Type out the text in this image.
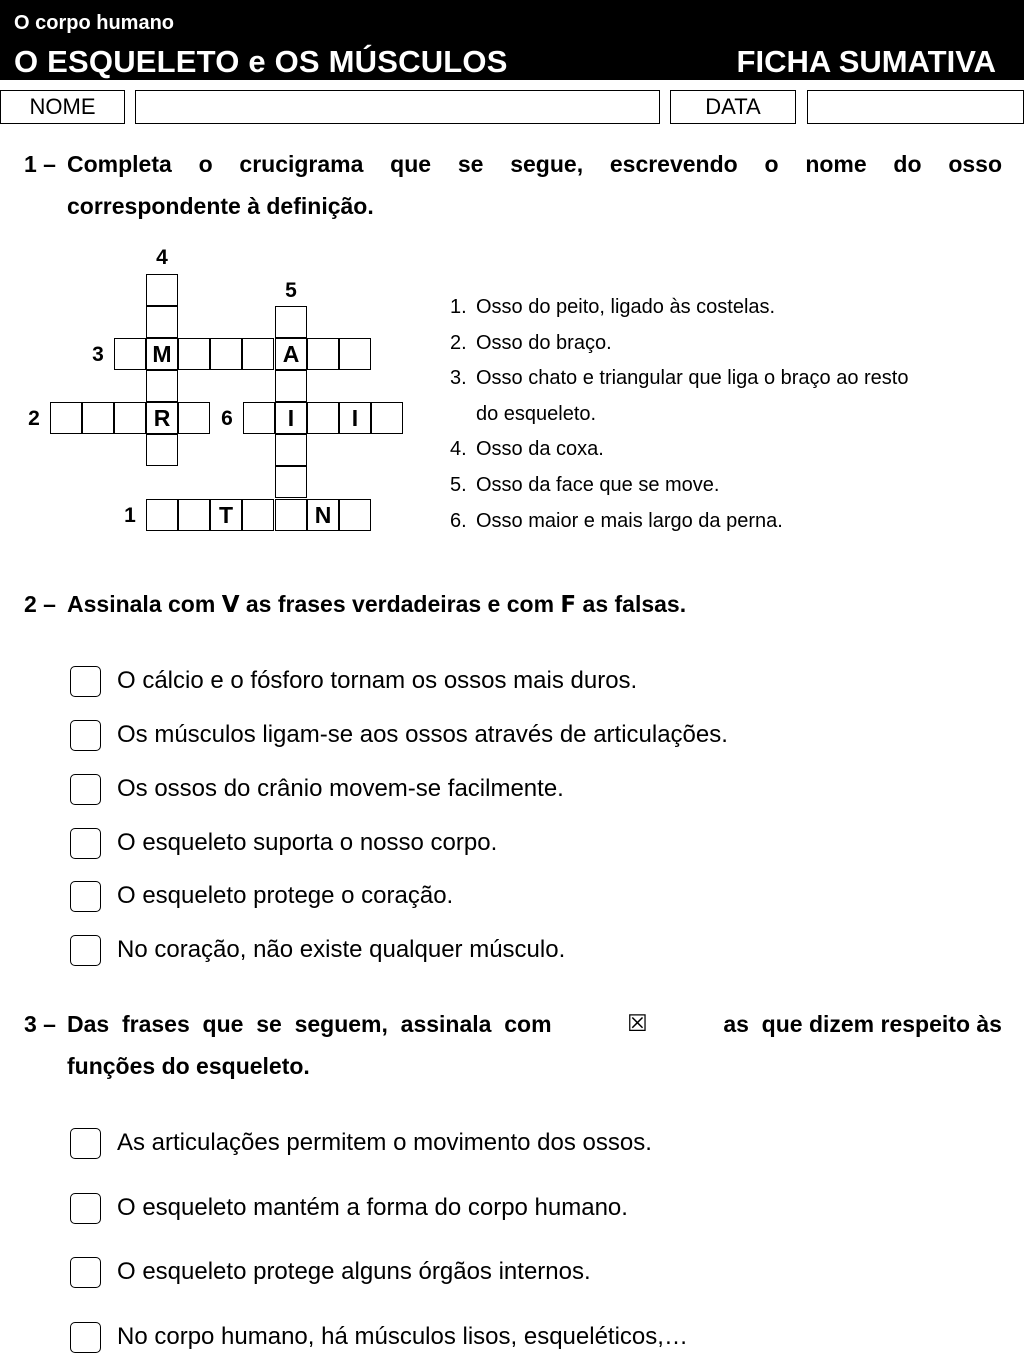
O corpo humano
O ESQUELETO e OS MÚSCULOS	FICHA SUMATIVA
NOME	DATA
1 – Completa o crucigrama que se segue, escrevendo o nome do osso
correspondente à definição.
4
5
3
2	6
1
M	A
R	I	I
T	N
1. Osso do peito, ligado às costelas.
2. Osso do braço.
3. Osso chato e triangular que liga o braço ao resto
do esqueleto.
4. Osso da coxa.
5. Osso da face que se move.
6. Osso maior e mais largo da perna.
2 – Assinala com V as frases verdadeiras e com F as falsas.
O cálcio e o fósforo tornam os ossos mais duros.
Os músculos ligam-se aos ossos através de articulações.
Os ossos do crânio movem-se facilmente.
O esqueleto suporta o nosso corpo.
O esqueleto protege o coração.
No coração, não existe qualquer músculo.
3 – Das  frases  que  se  seguem,  assinala  com	☒	as  que dizem respeito às
funções do esqueleto.
As articulações permitem o movimento dos ossos.
O esqueleto mantém a forma do corpo humano.
O esqueleto protege alguns órgãos internos.
No corpo humano, há músculos lisos, esqueléticos,…
